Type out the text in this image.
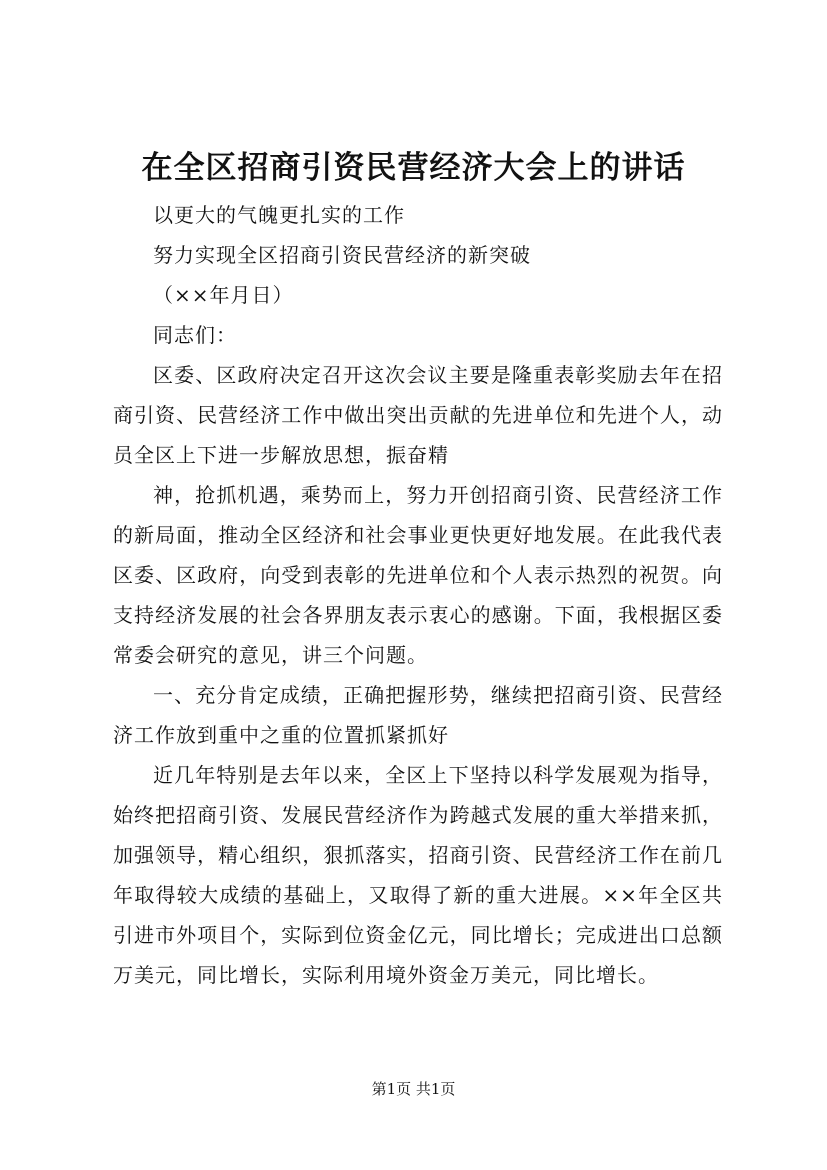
在全区招商引资民营经济大会上的讲话

以更大的气魄更扎实的工作

努力实现全区招商引资民营经济的新突破

（××年月日）

同志们：

区委、区政府决定召开这次会议主要是隆重表彰奖励去年在招商引资、民营经济工作中做出突出贡献的先进单位和先进个人，动员全区上下进一步解放思想，振奋精

神，抢抓机遇，乘势而上，努力开创招商引资、民营经济工作的新局面，推动全区经济和社会事业更快更好地发展。在此我代表区委、区政府，向受到表彰的先进单位和个人表示热烈的祝贺。向支持经济发展的社会各界朋友表示衷心的感谢。下面，我根据区委常委会研究的意见，讲三个问题。

一、充分肯定成绩，正确把握形势，继续把招商引资、民营经济工作放到重中之重的位置抓紧抓好

近几年特别是去年以来，全区上下坚持以科学发展观为指导，始终把招商引资、发展民营经济作为跨越式发展的重大举措来抓，加强领导，精心组织，狠抓落实，招商引资、民营经济工作在前几年取得较大成绩的基础上，又取得了新的重大进展。××年全区共引进市外项目个，实际到位资金亿元，同比增长；完成进出口总额万美元，同比增长，实际利用境外资金万美元，同比增长。

第1页 共1页
